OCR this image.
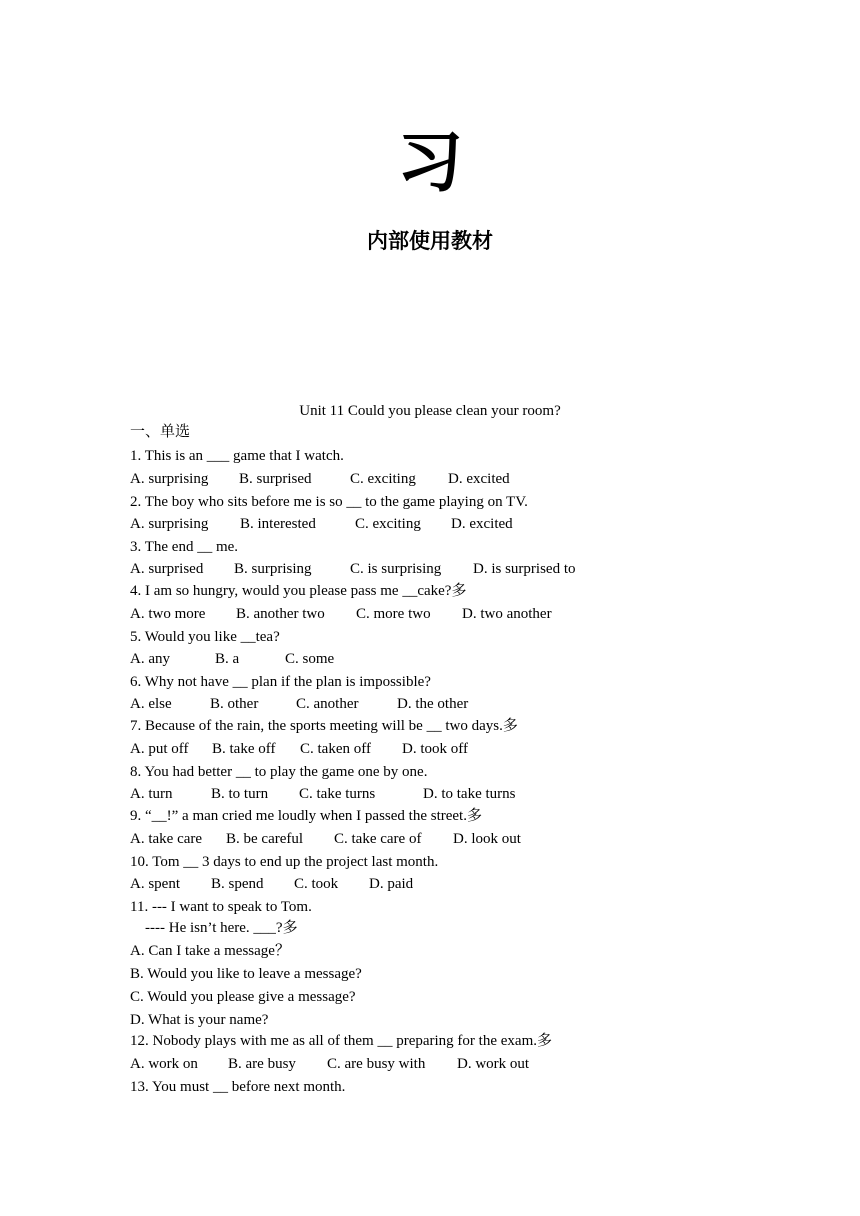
习
内部使用教材
Unit 11 Could you please clean your room?
一、单选
1. This is an ___ game that I watch.
A. surprising	B. surprised	C. exciting	D. excited
2. The boy who sits before me is so __ to the game playing on TV.
A. surprising	B. interested	C. exciting	D. excited
3. The end __ me.
A. surprised	B. surprising	C. is surprising	D. is surprised to
4. I am so hungry, would you please pass me __cake?多
A. two more	B. another two	C. more two	D. two another
5. Would you like __tea?
A. any	B. a	C. some
6. Why not have __ plan if the plan is impossible?
A. else	B. other	C. another	D. the other
7. Because of the rain, the sports meeting will be __ two days.多
A. put off	B. take off	C. taken off	D. took off
8. You had better __ to play the game one by one.
A. turn	B. to turn	C. take turns	D. to take turns
9. “__!” a man cried me loudly when I passed the street.多
A. take care	B. be careful	C. take care of	D. look out
10. Tom __ 3 days to end up the project last month.
A. spent	B. spend	C. took	D. paid
11. --- I want to speak to Tom.
---- He isn’t here. ___?多
A. Can I take a message？
B. Would you like to leave a message?
C. Would you please give a message?
D. What is your name?
12. Nobody plays with me as all of them __ preparing for the exam.多
A. work on	B. are busy	C. are busy with	D. work out
13. You must __ before next month.
